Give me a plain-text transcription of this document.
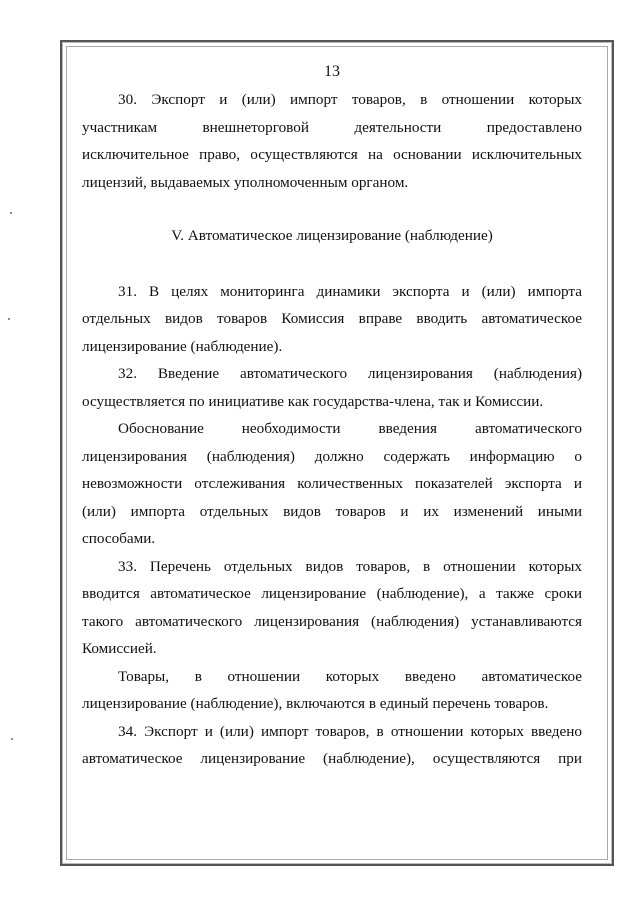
13

30. Экспорт и (или) импорт товаров, в отношении которых
участникам внешнеторговой деятельности предоставлено
исключительное право, осуществляются на основании исключительных
лицензий, выдаваемых уполномоченным органом.

V. Автоматическое лицензирование (наблюдение)

31. В целях мониторинга динамики экспорта и (или) импорта
отдельных видов товаров Комиссия вправе вводить автоматическое
лицензирование (наблюдение).

32. Введение автоматического лицензирования (наблюдения)
осуществляется по инициативе как государства-члена, так и Комиссии.

Обоснование необходимости введения автоматического
лицензирования (наблюдения) должно содержать информацию о
невозможности отслеживания количественных показателей экспорта и
(или) импорта отдельных видов товаров и их изменений иными
способами.

33. Перечень отдельных видов товаров, в отношении которых
вводится автоматическое лицензирование (наблюдение), а также сроки
такого автоматического лицензирования (наблюдения) устанавливаются
Комиссией.

Товары, в отношении которых введено автоматическое
лицензирование (наблюдение), включаются в единый перечень товаров.

34. Экспорт и (или) импорт товаров, в отношении которых введено
автоматическое лицензирование (наблюдение), осуществляются при
